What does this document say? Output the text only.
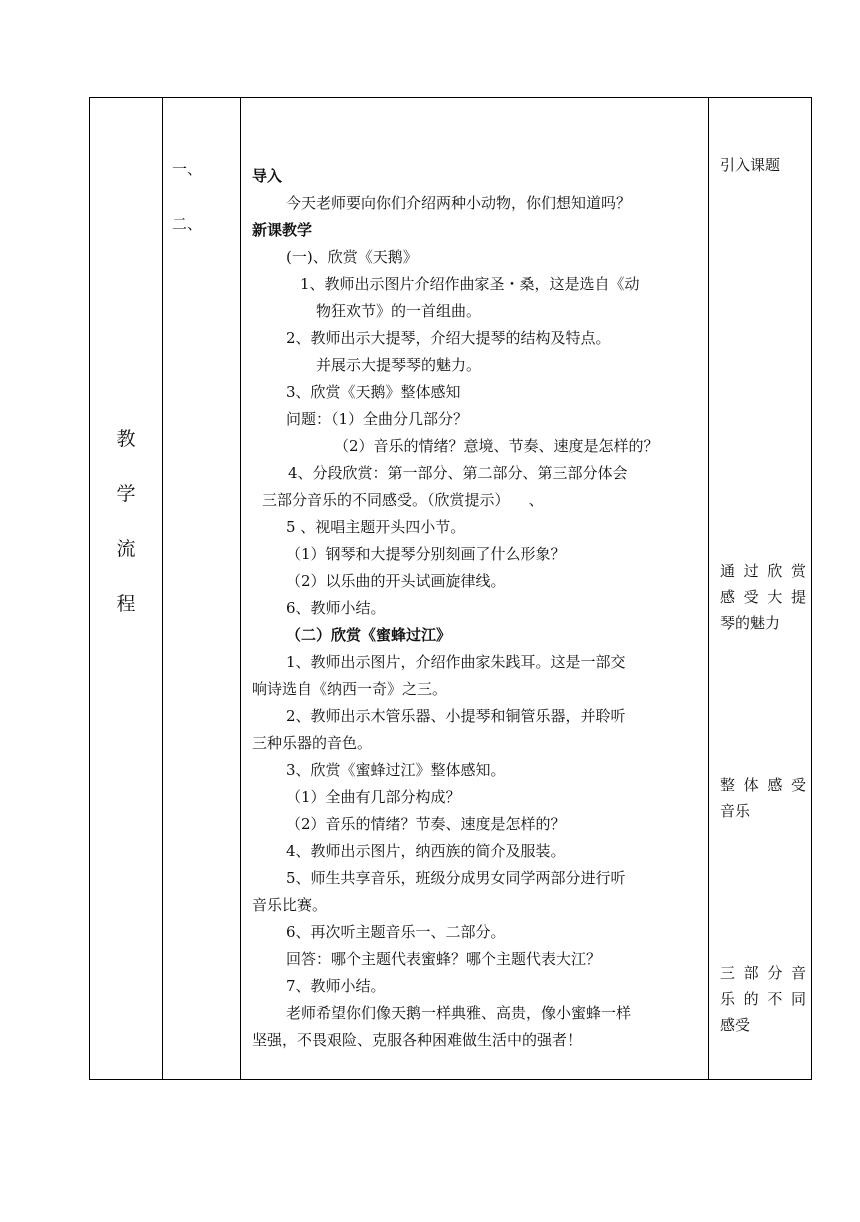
教
学
流
程
一、
二、
导入
今天老师要向你们介绍两种小动物，你们想知道吗？
新课教学
(一)、欣赏《天鹅》
1、教师出示图片介绍作曲家圣・桑，这是选自《动
物狂欢节》的一首组曲。
2、教师出示大提琴，介绍大提琴的结构及特点。
并展示大提琴琴的魅力。
3、欣赏《天鹅》整体感知
问题：（1）全曲分几部分？
（2）音乐的情绪？意境、节奏、速度是怎样的？
4、分段欣赏：第一部分、第二部分、第三部分体会
三部分音乐的不同感受。（欣赏提示）    、
5 、视唱主题开头四小节。
（1）钢琴和大提琴分别刻画了什么形象？
（2）以乐曲的开头试画旋律线。
6、教师小结。
（二）欣赏《蜜蜂过江》
1、教师出示图片，介绍作曲家朱践耳。这是一部交
响诗选自《纳西一奇》之三。
2、教师出示木管乐器、小提琴和铜管乐器，并聆听
三种乐器的音色。
3、欣赏《蜜蜂过江》整体感知。
（1）全曲有几部分构成？
（2）音乐的情绪？节奏、速度是怎样的？
4、教师出示图片，纳西族的简介及服装。
5、师生共享音乐，班级分成男女同学两部分进行听
音乐比赛。
6、再次听主题音乐一、二部分。
回答：哪个主题代表蜜蜂？哪个主题代表大江？
7、教师小结。
老师希望你们像天鹅一样典雅、高贵，像小蜜蜂一样
坚强，不畏艰险、克服各种困难做生活中的强者！
引入课题
通过欣赏
感受大提
琴的魅力
整体感受
音乐
三部分音
乐的不同
感受
